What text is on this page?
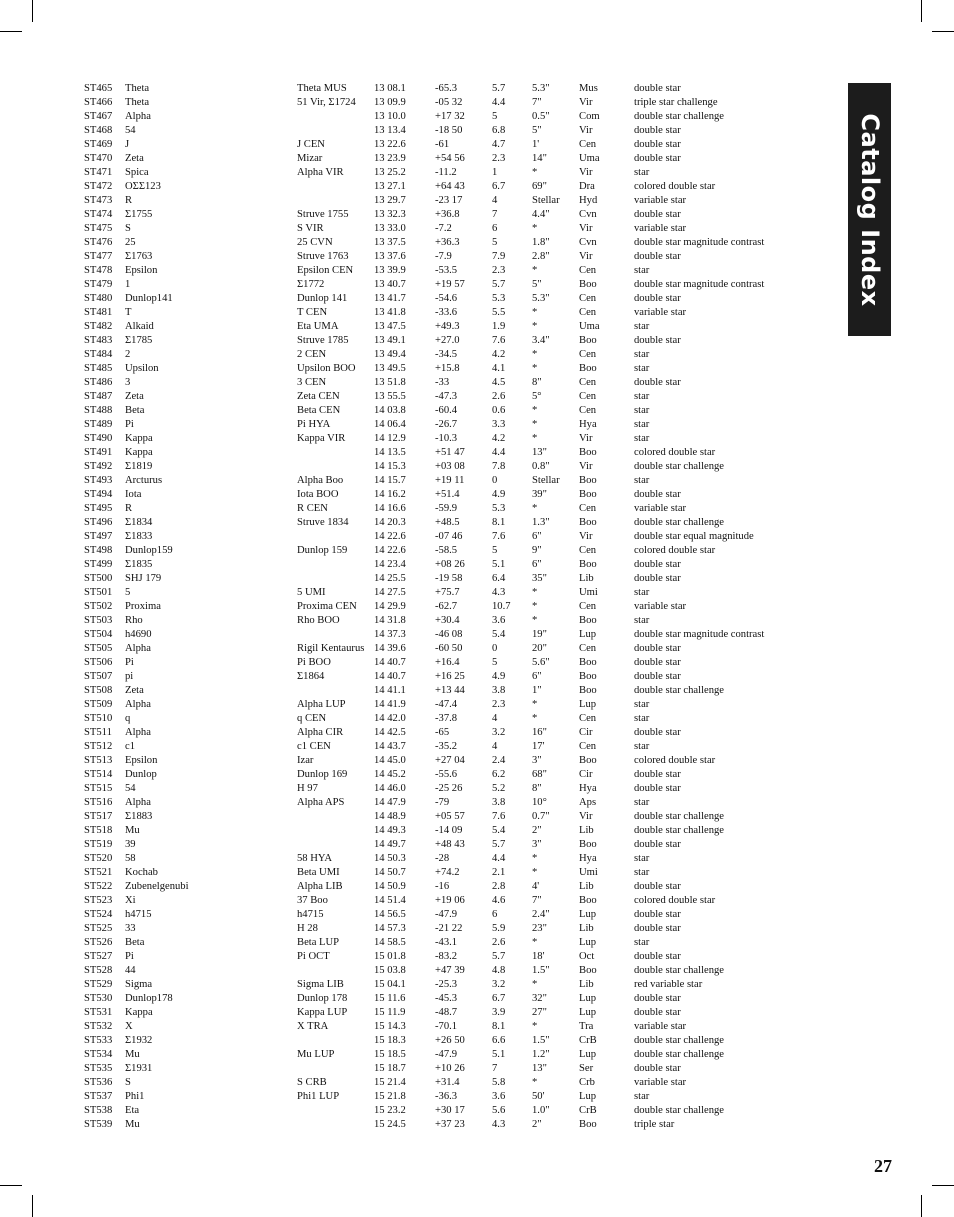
ST465	Theta	Theta MUS	13 08.1	-65.3	5.7	5.3"	Mus	double star
ST466	Theta	51 Vir, Σ1724	13 09.9	-05 32	4.4	7"	Vir	triple star challenge
ST467	Alpha		13 10.0	+17 32	5	0.5"	Com	double star challenge
ST468	54		13 13.4	-18 50	6.8	5"	Vir	double star
ST469	J	J CEN	13 22.6	-61	4.7	1'	Cen	double star
ST470	Zeta	Mizar	13 23.9	+54 56	2.3	14"	Uma	double star
ST471	Spica	Alpha VIR	13 25.2	-11.2	1	*	Vir	star
ST472	OΣΣ123		13 27.1	+64 43	6.7	69"	Dra	colored double star
ST473	R		13 29.7	-23 17	4	Stellar	Hyd	variable star
ST474	Σ1755	Struve 1755	13 32.3	+36.8	7	4.4"	Cvn	double star
ST475	S	S VIR	13 33.0	-7.2	6	*	Vir	variable star
ST476	25	25 CVN	13 37.5	+36.3	5	1.8"	Cvn	double star magnitude contrast
ST477	Σ1763	Struve 1763	13 37.6	-7.9	7.9	2.8"	Vir	double star
ST478	Epsilon	Epsilon CEN	13 39.9	-53.5	2.3	*	Cen	star
ST479	1	Σ1772	13 40.7	+19 57	5.7	5"	Boo	double star magnitude contrast
ST480	Dunlop141	Dunlop 141	13 41.7	-54.6	5.3	5.3"	Cen	double star
ST481	T	T CEN	13 41.8	-33.6	5.5	*	Cen	variable star
ST482	Alkaid	Eta UMA	13 47.5	+49.3	1.9	*	Uma	star
ST483	Σ1785	Struve 1785	13 49.1	+27.0	7.6	3.4"	Boo	double star
ST484	2	2 CEN	13 49.4	-34.5	4.2	*	Cen	star
ST485	Upsilon	Upsilon BOO	13 49.5	+15.8	4.1	*	Boo	star
ST486	3	3 CEN	13 51.8	-33	4.5	8"	Cen	double star
ST487	Zeta	Zeta CEN	13 55.5	-47.3	2.6	5°	Cen	star
ST488	Beta	Beta CEN	14 03.8	-60.4	0.6	*	Cen	star
ST489	Pi	Pi HYA	14 06.4	-26.7	3.3	*	Hya	star
ST490	Kappa	Kappa VIR	14 12.9	-10.3	4.2	*	Vir	star
ST491	Kappa		14 13.5	+51 47	4.4	13"	Boo	colored double star
ST492	Σ1819		14 15.3	+03 08	7.8	0.8"	Vir	double star challenge
ST493	Arcturus	Alpha Boo	14 15.7	+19 11	0	Stellar	Boo	star
ST494	Iota	Iota BOO	14 16.2	+51.4	4.9	39"	Boo	double star
ST495	R	R CEN	14 16.6	-59.9	5.3	*	Cen	variable star
ST496	Σ1834	Struve 1834	14 20.3	+48.5	8.1	1.3"	Boo	double star challenge
ST497	Σ1833		14 22.6	-07 46	7.6	6"	Vir	double star equal magnitude
ST498	Dunlop159	Dunlop 159	14 22.6	-58.5	5	9"	Cen	colored double star
ST499	Σ1835		14 23.4	+08 26	5.1	6"	Boo	double star
ST500	SHJ 179		14 25.5	-19 58	6.4	35"	Lib	double star
ST501	5	5 UMI	14 27.5	+75.7	4.3	*	Umi	star
ST502	Proxima	Proxima CEN	14 29.9	-62.7	10.7	*	Cen	variable star
ST503	Rho	Rho BOO	14 31.8	+30.4	3.6	*	Boo	star
ST504	h4690		14 37.3	-46 08	5.4	19"	Lup	double star magnitude contrast
ST505	Alpha	Rigil Kentaurus	14 39.6	-60 50	0	20"	Cen	double star
ST506	Pi	Pi BOO	14 40.7	+16.4	5	5.6"	Boo	double star
ST507	pi	Σ1864	14 40.7	+16 25	4.9	6"	Boo	double star
ST508	Zeta		14 41.1	+13 44	3.8	1"	Boo	double star challenge
ST509	Alpha	Alpha LUP	14 41.9	-47.4	2.3	*	Lup	star
ST510	q	q CEN	14 42.0	-37.8	4	*	Cen	star
ST511	Alpha	Alpha CIR	14 42.5	-65	3.2	16"	Cir	double star
ST512	c1	c1 CEN	14 43.7	-35.2	4	17'	Cen	star
ST513	Epsilon	Izar	14 45.0	+27 04	2.4	3"	Boo	colored double star
ST514	Dunlop	Dunlop 169	14 45.2	-55.6	6.2	68"	Cir	double star
ST515	54	H 97	14 46.0	-25 26	5.2	8"	Hya	double star
ST516	Alpha	Alpha APS	14 47.9	-79	3.8	10°	Aps	star
ST517	Σ1883		14 48.9	+05 57	7.6	0.7"	Vir	double star challenge
ST518	Mu		14 49.3	-14 09	5.4	2"	Lib	double star challenge
ST519	39		14 49.7	+48 43	5.7	3"	Boo	double star
ST520	58	58 HYA	14 50.3	-28	4.4	*	Hya	star
ST521	Kochab	Beta UMI	14 50.7	+74.2	2.1	*	Umi	star
ST522	Zubenelgenubi	Alpha LIB	14 50.9	-16	2.8	4'	Lib	double star
ST523	Xi	37 Boo	14 51.4	+19 06	4.6	7"	Boo	colored double star
ST524	h4715	h4715	14 56.5	-47.9	6	2.4"	Lup	double star
ST525	33	H 28	14 57.3	-21 22	5.9	23"	Lib	double star
ST526	Beta	Beta LUP	14 58.5	-43.1	2.6	*	Lup	star
ST527	Pi	Pi OCT	15 01.8	-83.2	5.7	18'	Oct	double star
ST528	44		15 03.8	+47 39	4.8	1.5"	Boo	double star challenge
ST529	Sigma	Sigma LIB	15 04.1	-25.3	3.2	*	Lib	red variable star
ST530	Dunlop178	Dunlop 178	15 11.6	-45.3	6.7	32"	Lup	double star
ST531	Kappa	Kappa LUP	15 11.9	-48.7	3.9	27"	Lup	double star
ST532	X	X TRA	15 14.3	-70.1	8.1	*	Tra	variable star
ST533	Σ1932		15 18.3	+26 50	6.6	1.5"	CrB	double star challenge
ST534	Mu	Mu LUP	15 18.5	-47.9	5.1	1.2"	Lup	double star challenge
ST535	Σ1931		15 18.7	+10 26	7	13"	Ser	double star
ST536	S	S CRB	15 21.4	+31.4	5.8	*	Crb	variable star
ST537	Phi1	Phi1 LUP	15 21.8	-36.3	3.6	50'	Lup	star
ST538	Eta		15 23.2	+30 17	5.6	1.0"	CrB	double star challenge
ST539	Mu		15 24.5	+37 23	4.3	2"	Boo	triple star
Catalog Index
27
